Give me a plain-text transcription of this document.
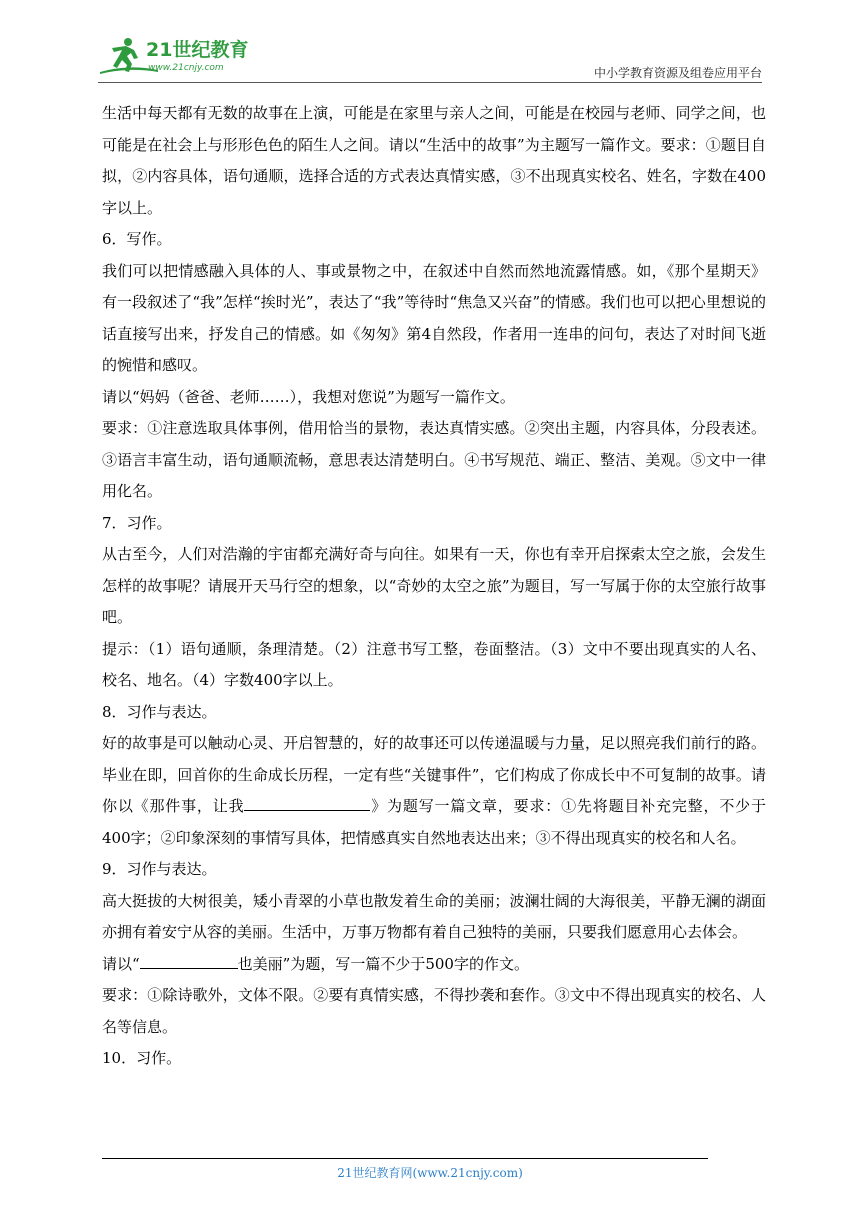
21世纪教育
www.21cnjy.com	中小学教育资源及组卷应用平台

生活中每天都有无数的故事在上演，可能是在家里与亲人之间，可能是在校园与老师、同学之间，也可能是在社会上与形形色色的陌生人之间。请以“生活中的故事”为主题写一篇作文。要求：①题目自拟，②内容具体，语句通顺，选择合适的方式表达真情实感，③不出现真实校名、姓名，字数在400字以上。

6．写作。

我们可以把情感融入具体的人、事或景物之中，在叙述中自然而然地流露情感。如，《那个星期天》有一段叙述了“我”怎样“挨时光”，表达了“我”等待时“焦急又兴奋”的情感。我们也可以把心里想说的话直接写出来，抒发自己的情感。如《匆匆》第4自然段，作者用一连串的问句，表达了对时间飞逝的惋惜和感叹。

请以“妈妈（爸爸、老师……），我想对您说”为题写一篇作文。

要求：①注意选取具体事例，借用恰当的景物，表达真情实感。②突出主题，内容具体，分段表述。③语言丰富生动，语句通顺流畅，意思表达清楚明白。④书写规范、端正、整洁、美观。⑤文中一律用化名。

7．习作。

从古至今，人们对浩瀚的宇宙都充满好奇与向往。如果有一天，你也有幸开启探索太空之旅，会发生怎样的故事呢？请展开天马行空的想象，以“奇妙的太空之旅”为题目，写一写属于你的太空旅行故事吧。

提示：（1）语句通顺，条理清楚。（2）注意书写工整，卷面整洁。（3）文中不要出现真实的人名、校名、地名。（4）字数400字以上。

8．习作与表达。

好的故事是可以触动心灵、开启智慧的，好的故事还可以传递温暖与力量，足以照亮我们前行的路。毕业在即，回首你的生命成长历程，一定有些“关键事件”，它们构成了你成长中不可复制的故事。请你以《那件事，让我	》为题写一篇文章，要求：①先将题目补充完整，不少于400字；②印象深刻的事情写具体，把情感真实自然地表达出来；③不得出现真实的校名和人名。

9．习作与表达。

高大挺拔的大树很美，矮小青翠的小草也散发着生命的美丽；波澜壮阔的大海很美，平静无澜的湖面亦拥有着安宁从容的美丽。生活中，万事万物都有着自己独特的美丽，只要我们愿意用心去体会。

请以“	也美丽”为题，写一篇不少于500字的作文。

要求：①除诗歌外，文体不限。②要有真情实感，不得抄袭和套作。③文中不得出现真实的校名、人名等信息。

10．习作。

21世纪教育网(www.21cnjy.com)
